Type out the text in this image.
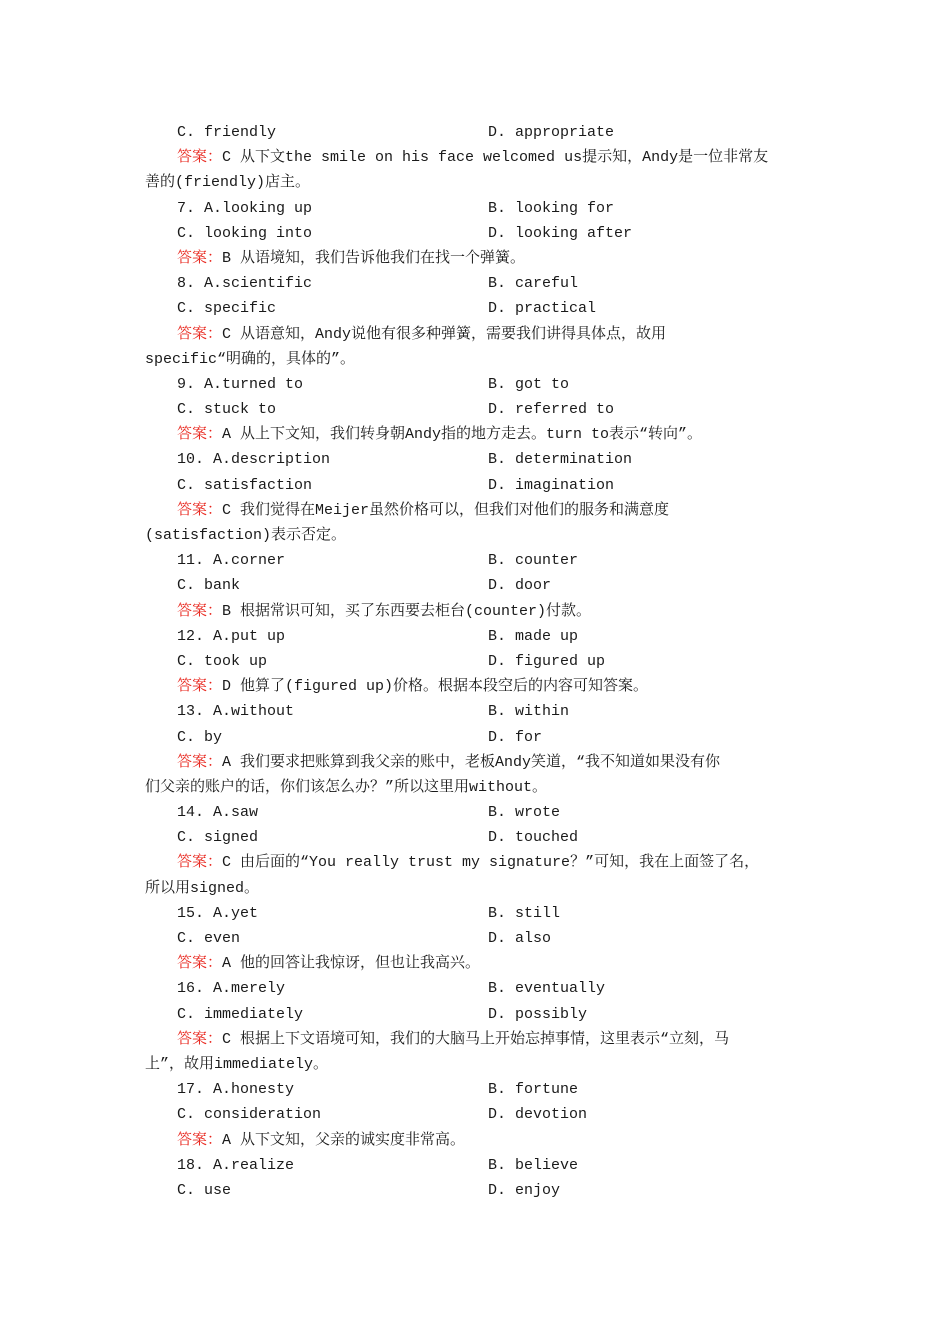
C. friendly	D. appropriate
答案：C 从下文the smile on his face welcomed us提示知，Andy是一位非常友
善的(friendly)店主。
7. A.looking up	B. looking for
C. looking into	D. looking after
答案：B 从语境知，我们告诉他我们在找一个弹簧。
8. A.scientific	B. careful
C. specific	D. practical
答案：C 从语意知，Andy说他有很多种弹簧，需要我们讲得具体点，故用
specific“明确的，具体的”。
9. A.turned to	B. got to
C. stuck to	D. referred to
答案：A 从上下文知，我们转身朝Andy指的地方走去。turn to表示“转向”。
10. A.description	B. determination
C. satisfaction	D. imagination
答案：C 我们觉得在Meijer虽然价格可以，但我们对他们的服务和满意度
(satisfaction)表示否定。
11. A.corner	B. counter
C. bank	D. door
答案：B 根据常识可知，买了东西要去柜台(counter)付款。
12. A.put up	B. made up
C. took up	D. figured up
答案：D 他算了(figured up)价格。根据本段空后的内容可知答案。
13. A.without	B. within
C. by	D. for
答案：A 我们要求把账算到我父亲的账中，老板Andy笑道，“我不知道如果没有你
们父亲的账户的话，你们该怎么办？”所以这里用without。
14. A.saw	B. wrote
C. signed	D. touched
答案：C 由后面的“You really trust my signature？”可知，我在上面签了名，
所以用signed。
15. A.yet	B. still
C. even	D. also
答案：A 他的回答让我惊讶，但也让我高兴。
16. A.merely	B. eventually
C. immediately	D. possibly
答案：C 根据上下文语境可知，我们的大脑马上开始忘掉事情，这里表示“立刻，马
上”，故用immediately。
17. A.honesty	B. fortune
C. consideration	D. devotion
答案：A 从下文知，父亲的诚实度非常高。
18. A.realize	B. believe
C. use	D. enjoy
